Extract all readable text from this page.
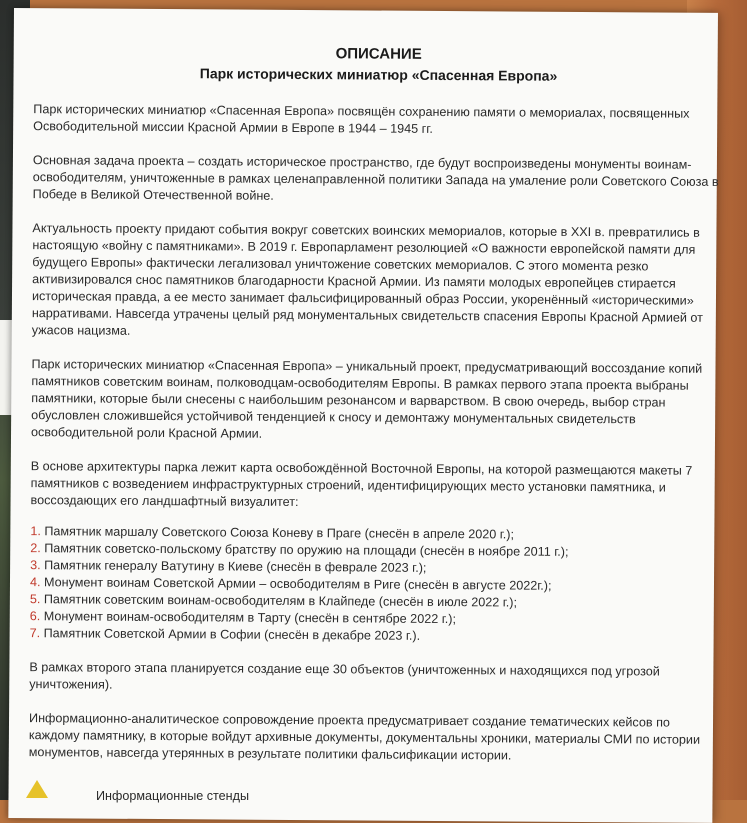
ОПИСАНИЕ
Парк исторических миниатюр «Спасенная Европа»

Парк исторических миниатюр «Спасенная Европа» посвящён сохранению памяти о мемориалах, посвященных Освободительной миссии Красной Армии в Европе в 1944 – 1945 гг.

Основная задача проекта – создать историческое пространство, где будут воспроизведены монументы воинам-освободителям, уничтоженные в рамках целенаправленной политики Запада на умаление роли Советского Союза в Победе в Великой Отечественной войне.

Актуальность проекту придают события вокруг советских воинских мемориалов, которые в XXI в. превратились в настоящую «войну с памятниками». В 2019 г. Европарламент резолюцией «О важности европейской памяти для будущего Европы» фактически легализовал уничтожение советских мемориалов. С этого момента резко активизировался снос памятников благодарности Красной Армии. Из памяти молодых европейцев стирается историческая правда, а ее место занимает фальсифицированный образ России, укоренённый «историческими» нарративами. Навсегда утрачены целый ряд монументальных свидетельств спасения Европы Красной Армией от ужасов нацизма.

Парк исторических миниатюр «Спасенная Европа» – уникальный проект, предусматривающий воссоздание копий памятников советским воинам, полководцам-освободителям Европы. В рамках первого этапа проекта выбраны памятники, которые были снесены с наибольшим резонансом и варварством. В свою очередь, выбор стран обусловлен сложившейся устойчивой тенденцией к сносу и демонтажу монументальных свидетельств освободительной роли Красной Армии.

В основе архитектуры парка лежит карта освобождённой Восточной Европы, на которой размещаются макеты 7 памятников с возведением инфраструктурных строений, идентифицирующих место установки памятника, и воссоздающих его ландшафтный визуалитет:

1. Памятник маршалу Советского Союза Коневу в Праге (снесён в апреле 2020 г.);
2. Памятник советско-польскому братству по оружию на площади (снесён в ноябре 2011 г.);
3. Памятник генералу Ватутину в Киеве (снесён в феврале 2023 г.);
4. Монумент воинам Советской Армии – освободителям в Риге (снесён в августе 2022г.);
5. Памятник советским воинам-освободителям в Клайпеде (снесён в июле 2022 г.);
6. Монумент воинам-освободителям в Тарту (снесён в сентябре 2022 г.);
7. Памятник Советской Армии в Софии (снесён в декабре 2023 г.).

В рамках второго этапа планируется создание еще 30 объектов (уничтоженных и находящихся под угрозой уничтожения).

Информационно-аналитическое сопровождение проекта предусматривает создание тематических кейсов по каждому памятнику, в которые войдут архивные документы, документальны хроники, материалы СМИ по истории монументов, навсегда утерянных в результате политики фальсификации истории.

Информационные стенды
